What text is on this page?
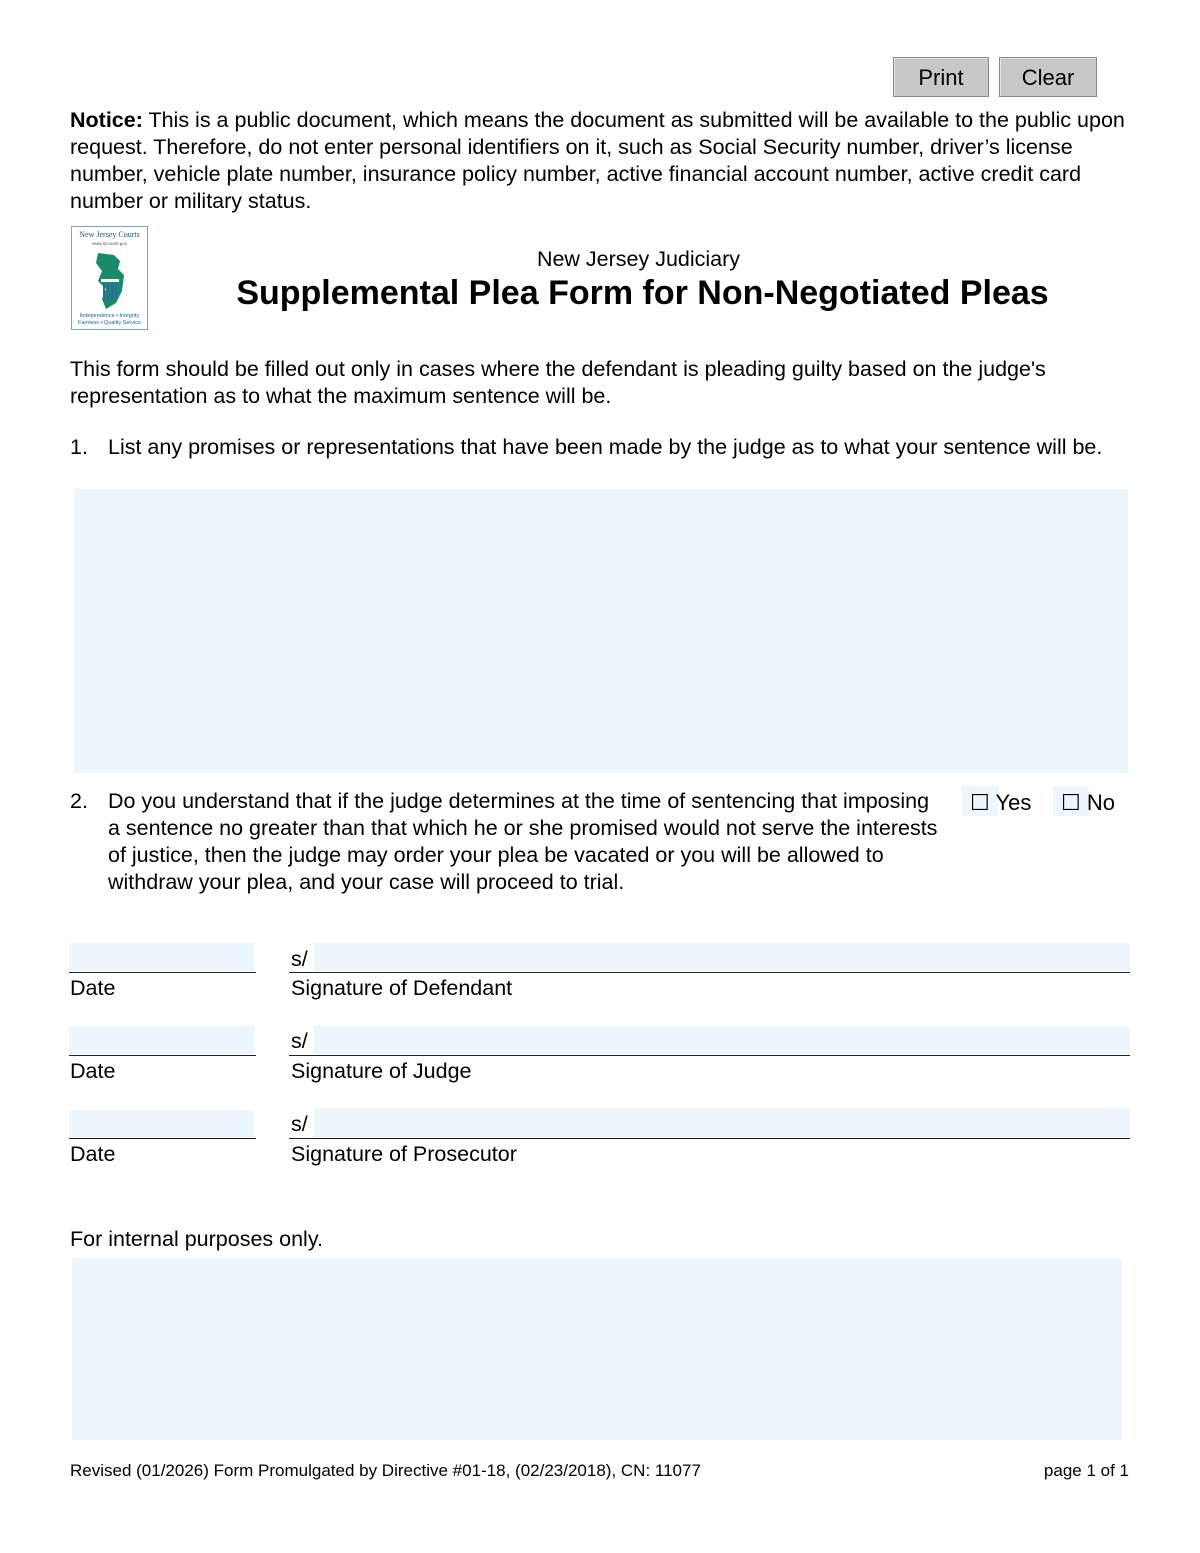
Print	Clear
Notice: This is a public document, which means the document as submitted will be available to the public upon request. Therefore, do not enter personal identifiers on it, such as Social Security number, driver’s license number, vehicle plate number, insurance policy number, active financial account number, active credit card number or military status.
New Jersey Courts
www.njcourts.gov
Independence • Integrity
Fairness • Quality Service
New Jersey Judiciary
Supplemental Plea Form for Non-Negotiated Pleas
This form should be filled out only in cases where the defendant is pleading guilty based on the judge's representation as to what the maximum sentence will be.
1. List any promises or representations that have been made by the judge as to what your sentence will be.
2. Do you understand that if the judge determines at the time of sentencing that imposing a sentence no greater than that which he or she promised would not serve the interests of justice, then the judge may order your plea be vacated or you will be allowed to withdraw your plea, and your case will proceed to trial.
☐ Yes ☐ No
Date
s/
Signature of Defendant
Date
s/
Signature of Judge
Date
s/
Signature of Prosecutor
For internal purposes only.
Revised (01/2026) Form Promulgated by Directive #01-18, (02/23/2018), CN: 11077	page 1 of 1
